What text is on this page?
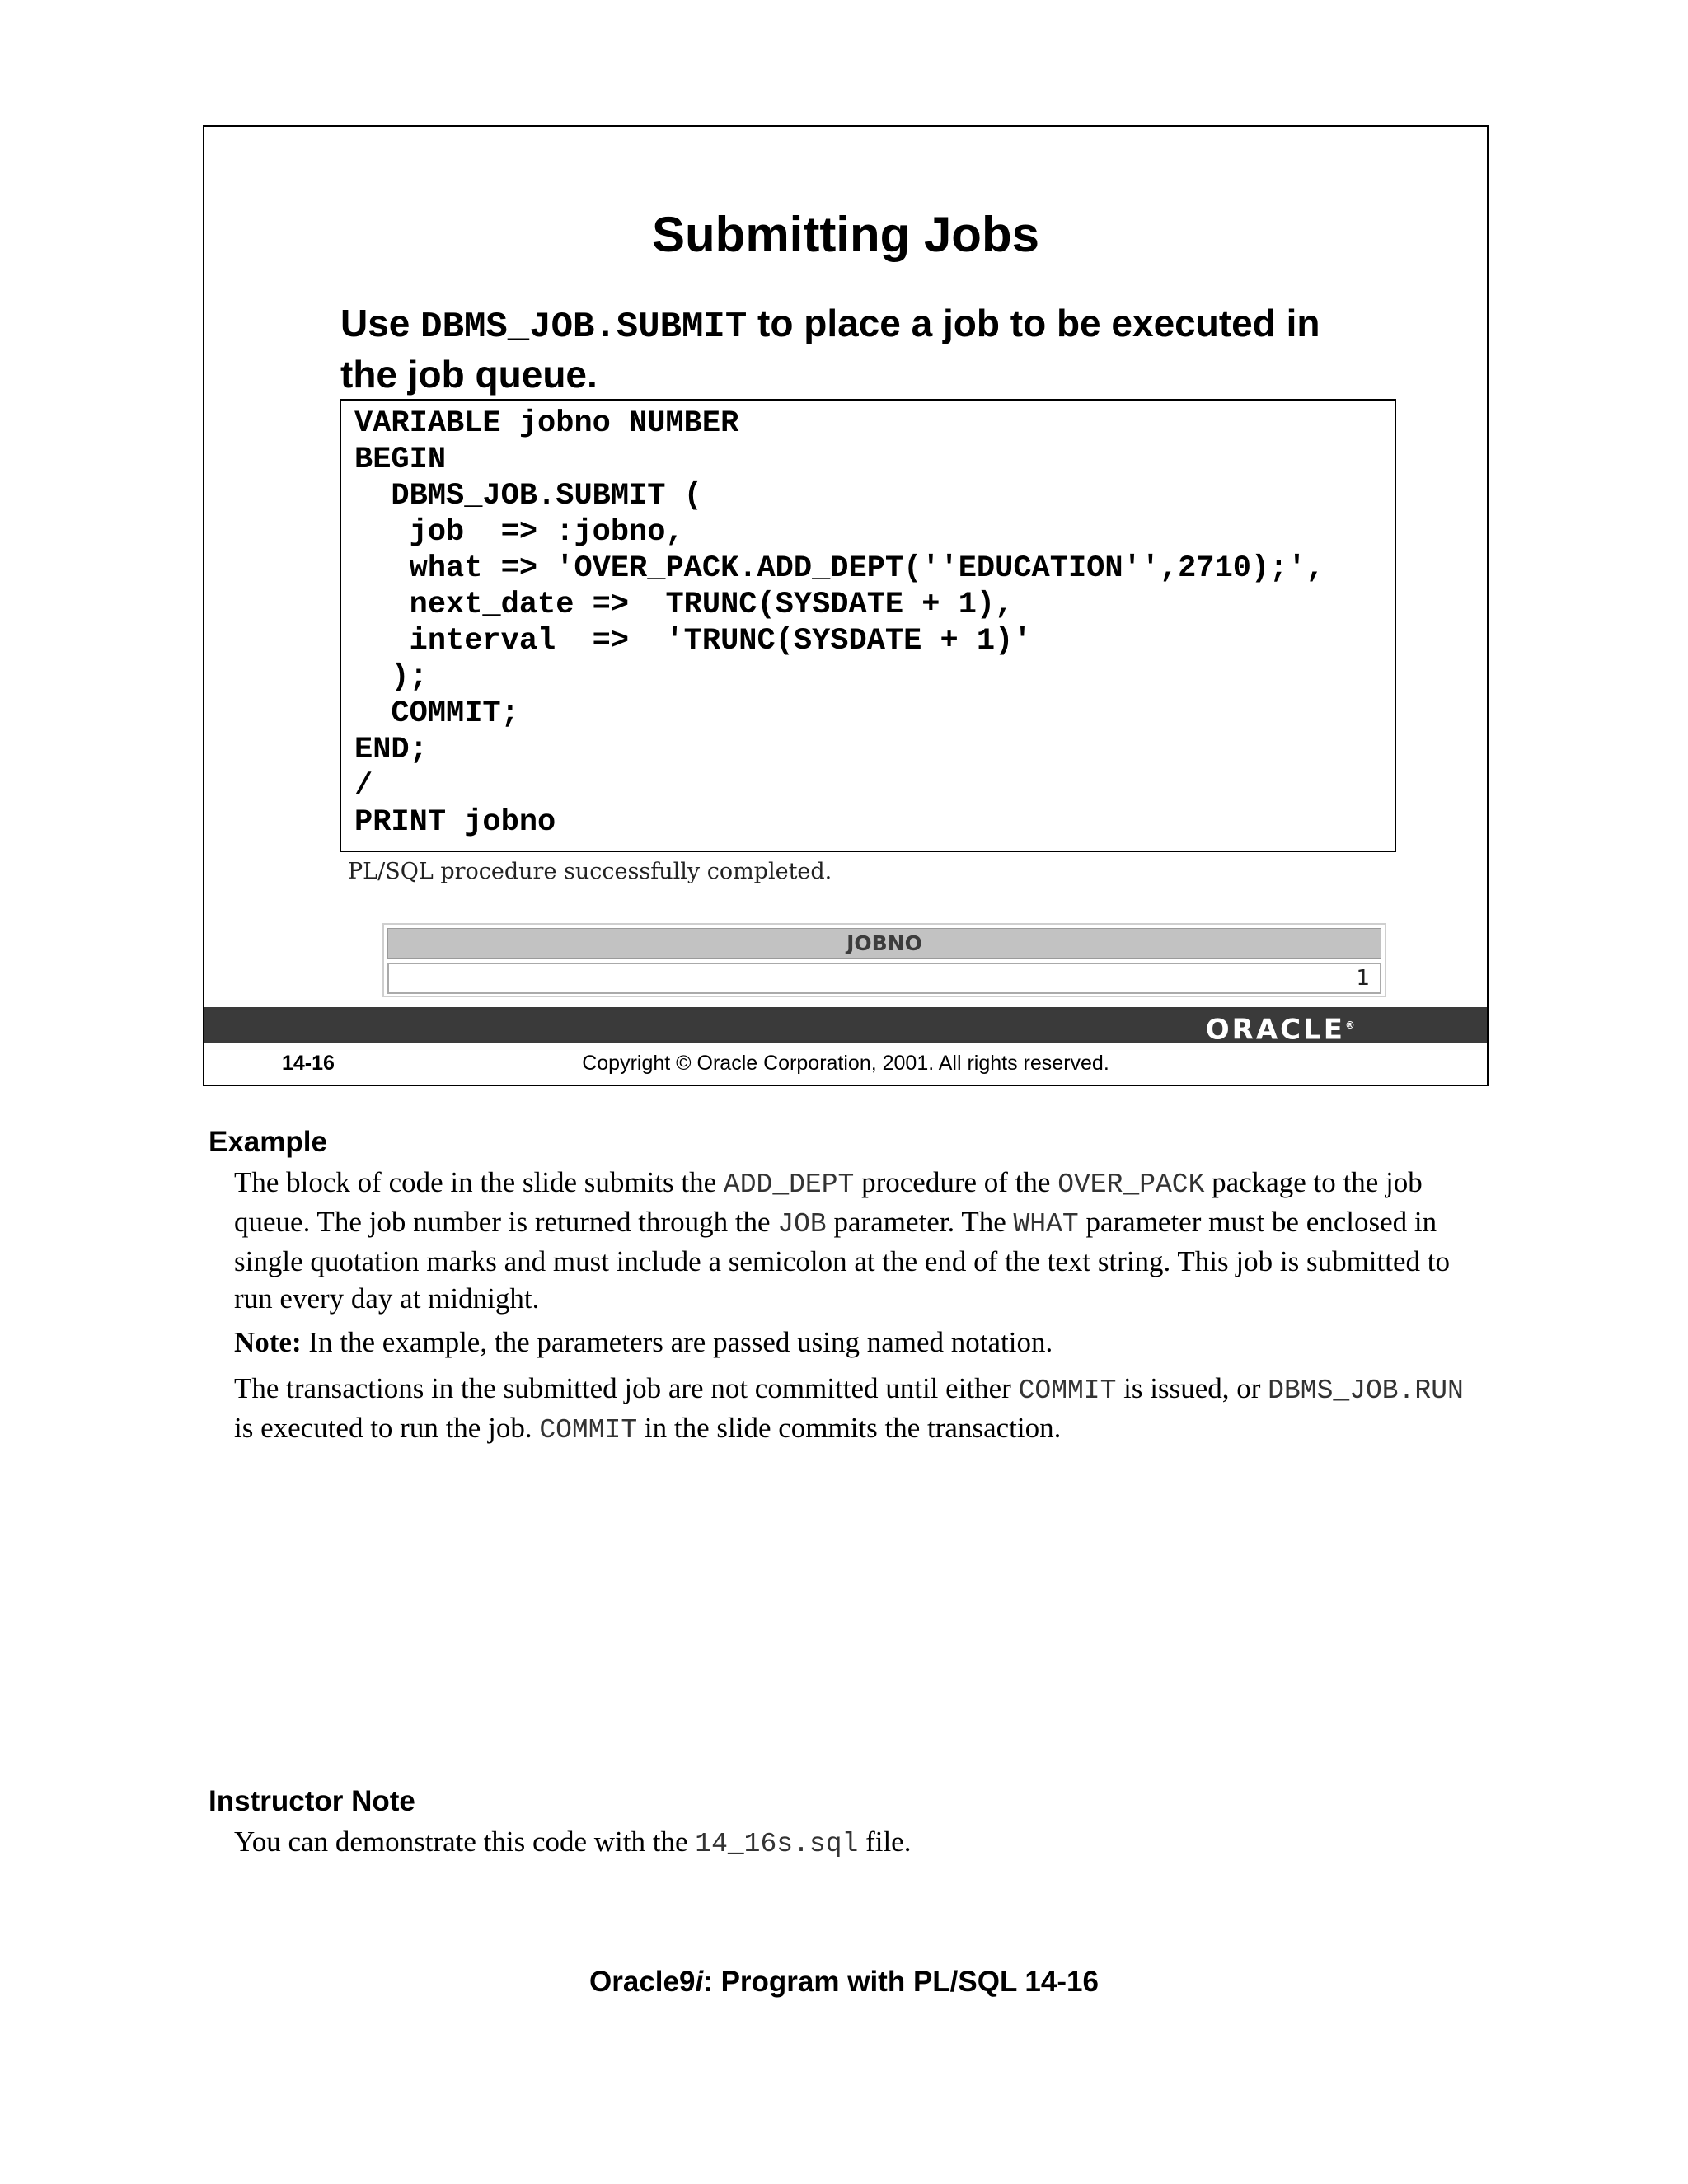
Submitting Jobs
Use DBMS_JOB.SUBMIT to place a job to be executed in the job queue.
VARIABLE jobno NUMBER
BEGIN
DBMS_JOB.SUBMIT (
job  => :jobno,
what => 'OVER_PACK.ADD_DEPT(''EDUCATION'',2710);',
next_date =>  TRUNC(SYSDATE + 1),
interval  =>  'TRUNC(SYSDATE + 1)'
);
COMMIT;
END;
/
PRINT jobno
PL/SQL procedure successfully completed.
JOBNO
1
ORACLE®
14-16	Copyright © Oracle Corporation, 2001. All rights reserved.
Example
The block of code in the slide submits the ADD_DEPT procedure of the OVER_PACK package to the job queue. The job number is returned through the JOB parameter. The WHAT parameter must be enclosed in single quotation marks and must include a semicolon at the end of the text string. This job is submitted to run every day at midnight.
Note: In the example, the parameters are passed using named notation.
The transactions in the submitted job are not committed until either COMMIT is issued, or DBMS_JOB.RUN is executed to run the job. COMMIT in the slide commits the transaction.
Instructor Note
You can demonstrate this code with the 14_16s.sql file.
Oracle9i: Program with PL/SQL 14-16
